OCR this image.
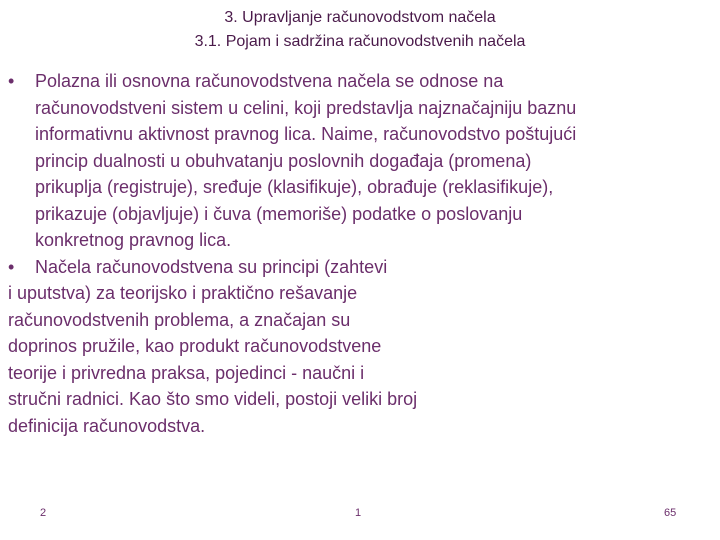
3. Upravljanje računovodstvom načela
3.1. Pojam i sadržina računovodstvenih načela
• Polazna ili osnovna računovodstvena načela se odnose na
računovodstveni sistem u celini, koji predstavlja najznačajniju baznu
informativnu aktivnost pravnog lica. Naime, računovodstvo poštujući
princip dualnosti u obuhvatanju poslovnih događaja (promena)
prikuplja (registruje), sređuje (klasifikuje), obrađuje (reklasifikuje),
prikazuje (objavljuje) i čuva (memoriše) podatke o poslovanju
konkretnog pravnog lica.
• Načela računovodstvena su principi (zahtevi
i uputstva) za teorijsko i praktično rešavanje
računovodstvenih problema, a značajan su
doprinos pružile, kao produkt računovodstvene
teorije i privredna praksa, pojedinci - naučni i
stručni radnici. Kao što smo videli, postoji veliki broj
definicija računovodstva.
2	1	65
